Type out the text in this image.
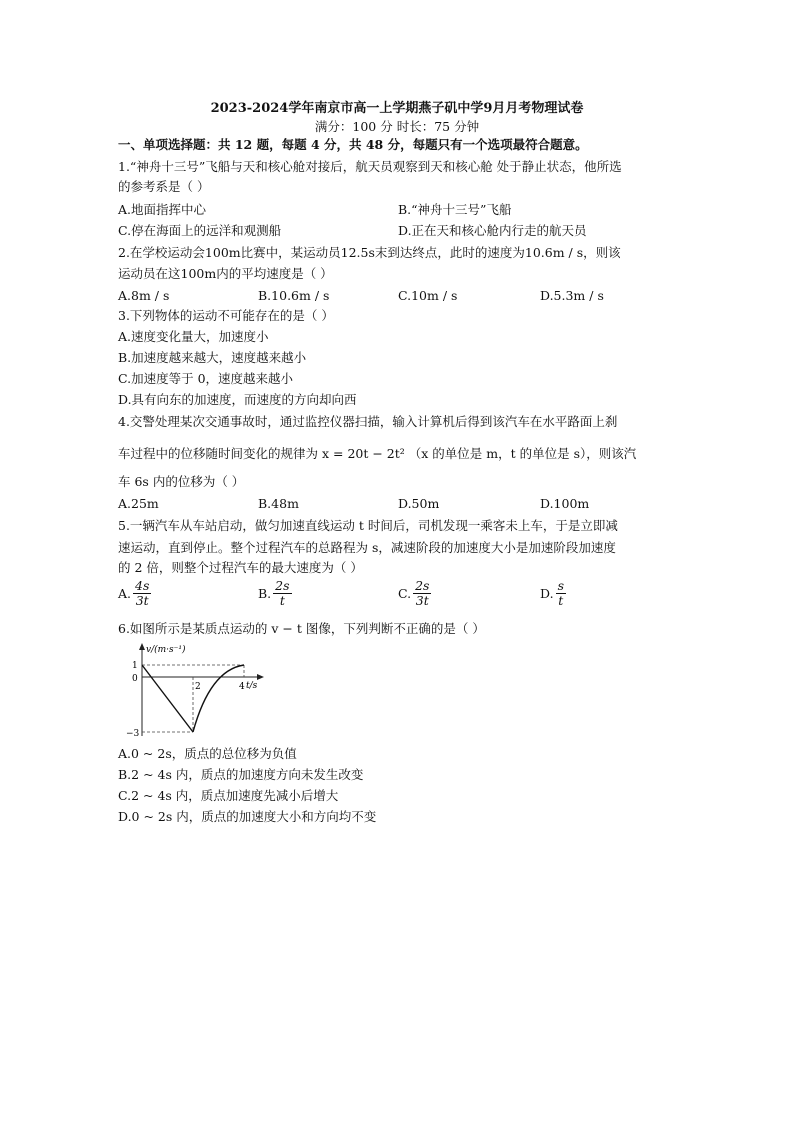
2023-2024学年南京市高一上学期燕子矶中学9月月考物理试卷
满分：100 分 时长：75 分钟
一、单项选择题：共 12 题，每题 4 分，共 48 分，每题只有一个选项最符合题意。
1.“神舟十三号”飞船与天和核心舱对接后，航天员观察到天和核心舱 处于静止状态，他所选
的参考系是（ ）
A.地面指挥中心	B.“神舟十三号”飞船
C.停在海面上的远洋和观测船	D.正在天和核心舱内行走的航天员
2.在学校运动会100m比赛中，某运动员12.5s末到达终点，此时的速度为10.6m / s，则该
运动员在这100m内的平均速度是（ ）
A.8m / s	B.10.6m / s	C.10m / s	D.5.3m / s
3.下列物体的运动不可能存在的是（ ）
A.速度变化量大，加速度小
B.加速度越来越大，速度越来越小
C.加速度等于 0，速度越来越小
D.具有向东的加速度，而速度的方向却向西
4.交警处理某次交通事故时，通过监控仪器扫描，输入计算机后得到该汽车在水平路面上刹
车过程中的位移随时间变化的规律为 x = 20t − 2t² （x 的单位是 m，t 的单位是 s），则该汽
车 6s 内的位移为（ ）
A.25m	B.48m	D.50m	D.100m
5.一辆汽车从车站启动，做匀加速直线运动 t 时间后，司机发现一乘客未上车，于是立即减
速运动，直到停止。整个过程汽车的总路程为 s，减速阶段的加速度大小是加速阶段加速度
的 2 倍，则整个过程汽车的最大速度为（ ）
A. $\frac{4s}{3t}$	B. $\frac{2s}{t}$	C. $\frac{2s}{3t}$	D. $\frac{s}{t}$
6.如图所示是某质点运动的 v − t 图像，下列判断不正确的是（ ）
v/(m·s⁻¹)
t/s
1
0
−3
2	4
A.0 ~ 2s，质点的总位移为负值
B.2 ~ 4s 内，质点的加速度方向未发生改变
C.2 ~ 4s 内，质点加速度先减小后增大
D.0 ~ 2s 内，质点的加速度大小和方向均不变
